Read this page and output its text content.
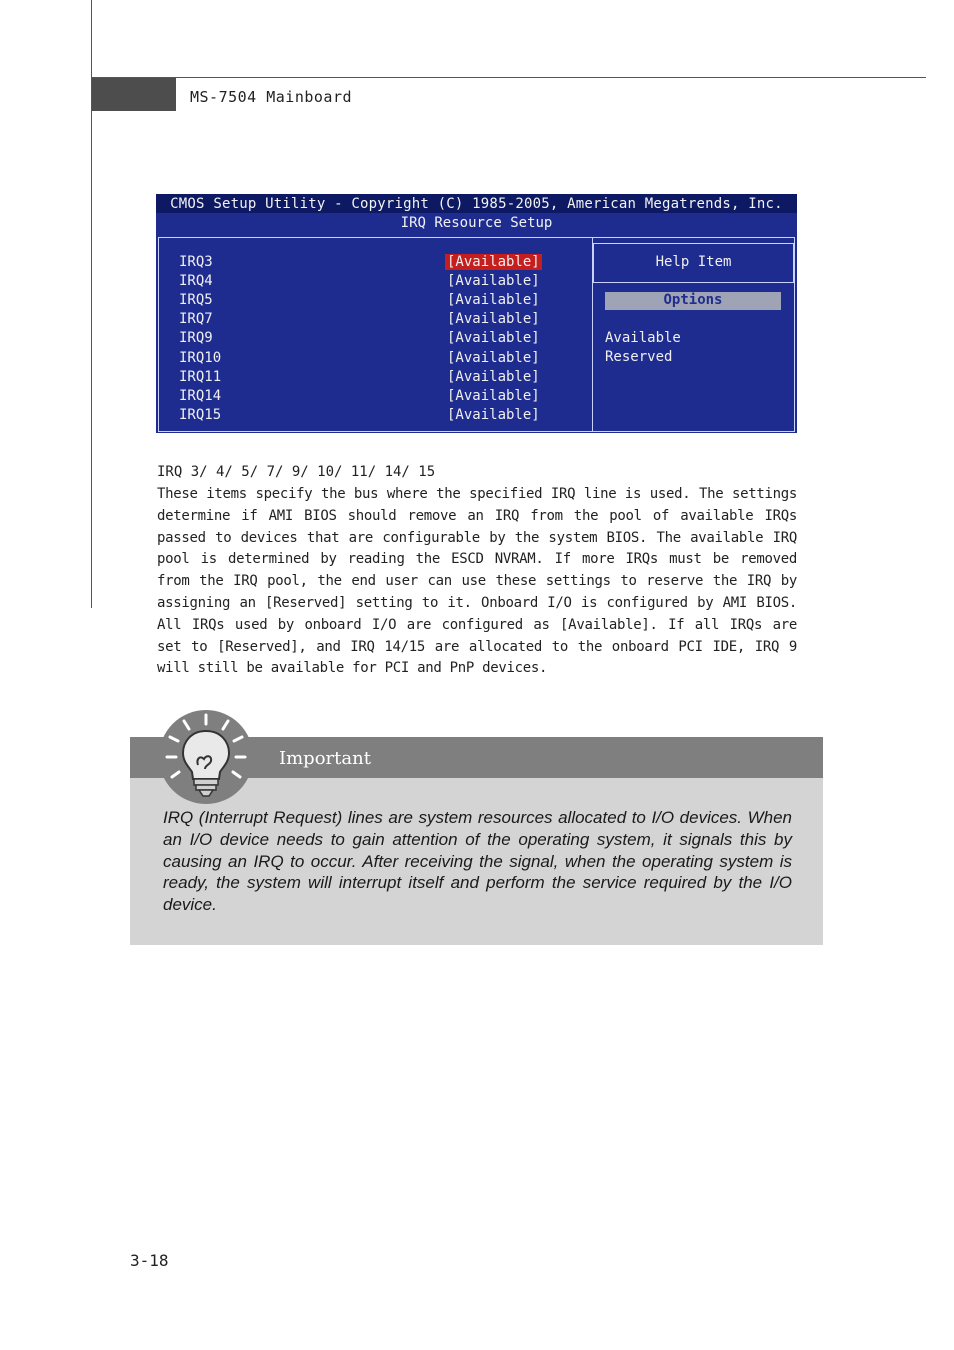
MS-7504 Mainboard
CMOS Setup Utility - Copyright (C) 1985-2005, American Megatrends, Inc.
IRQ Resource Setup
IRQ3	[Available]
IRQ4	[Available]
IRQ5	[Available]
IRQ7	[Available]
IRQ9	[Available]
IRQ10	[Available]
IRQ11	[Available]
IRQ14	[Available]
IRQ15	[Available]
Help Item
Options
Available
Reserved
IRQ 3/ 4/ 5/ 7/ 9/ 10/ 11/ 14/ 15
These items specify the bus where the specified IRQ line is used. The settings determine if AMI BIOS should remove an IRQ from the pool of available IRQs passed to devices that are configurable by the system BIOS. The available IRQ pool is determined by reading the ESCD NVRAM. If more IRQs must be removed from the IRQ pool, the end user can use these settings to reserve the IRQ by assigning an [Reserved] setting to it. Onboard I/O is configured by AMI BIOS. All IRQs used by onboard I/O are configured as [Available]. If all IRQs are set to [Reserved], and IRQ 14/15 are allocated to the onboard PCI IDE, IRQ 9 will still be available for PCI and PnP devices.
Important
IRQ (Interrupt Request) lines are system resources allocated to I/O devices. When an I/O device needs to gain attention of the operating system, it signals this by causing an IRQ to occur. After receiving the signal, when the operating system is ready, the system will interrupt itself and perform the service required by the I/O device.
3-18
